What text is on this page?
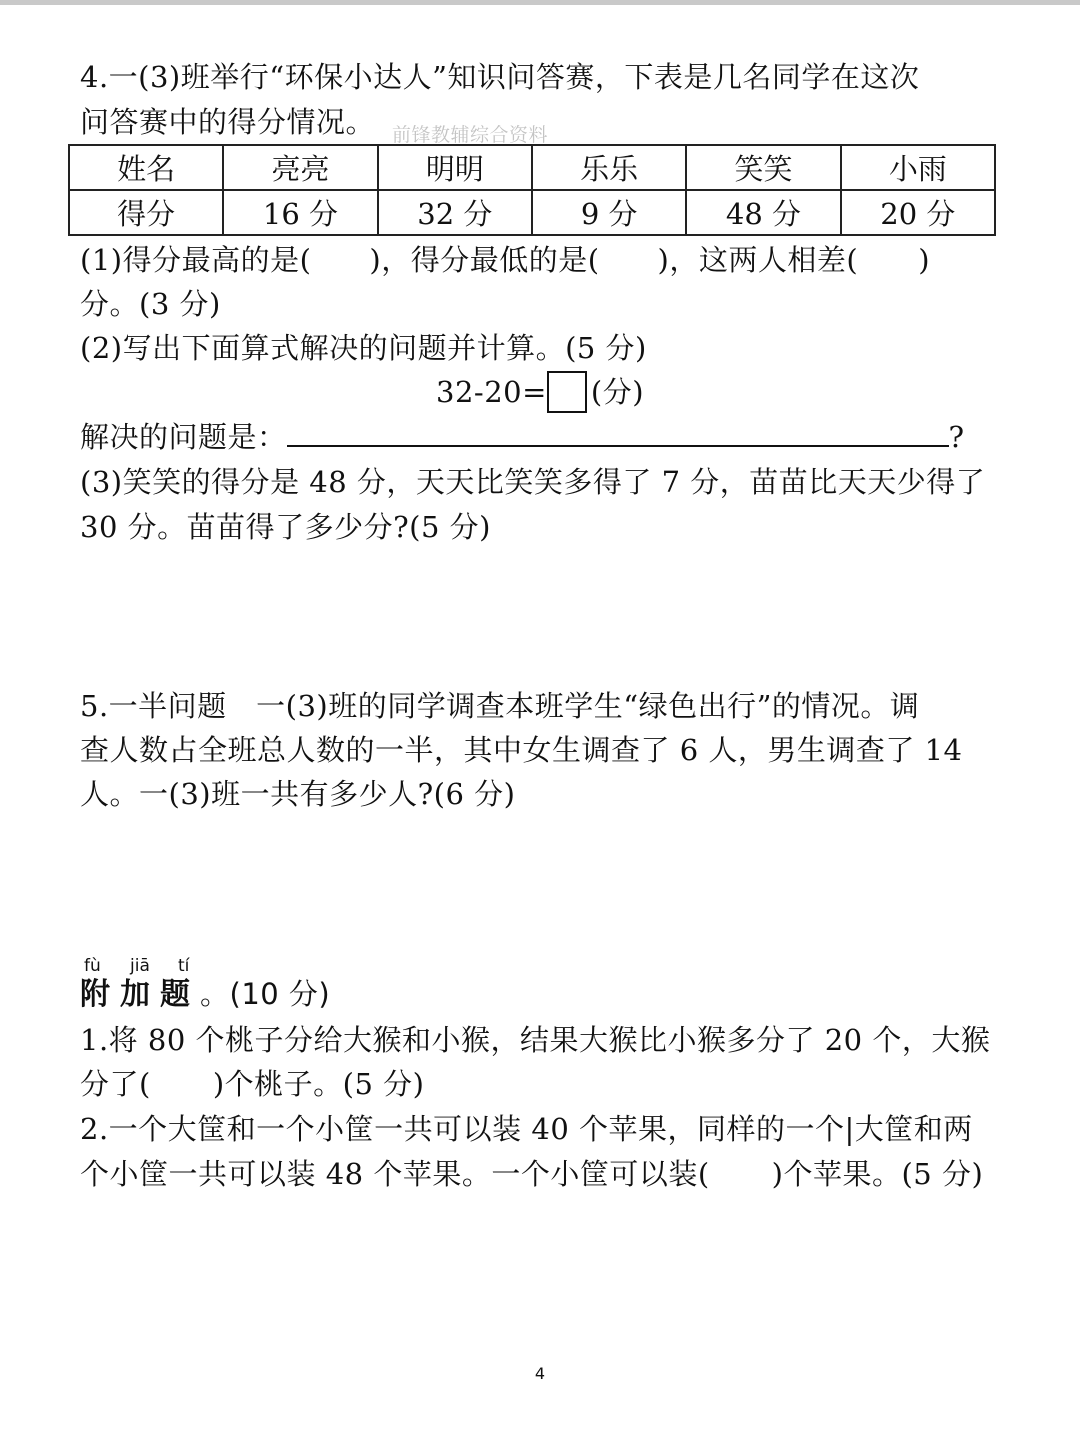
4.一(3)班举行“环保小达人”知识问答赛，下表是几名同学在这次
问答赛中的得分情况。 前锋教辅综合资料
姓名	亮亮	明明	乐乐	笑笑	小雨
得分	16 分	32 分	9 分	48 分	20 分
(1)得分最高的是( )，得分最低的是( )，这两人相差( )
分。(3 分)
(2)写出下面算式解决的问题并计算。(5 分)
32-20= (分)
解决的问题是：	?
(3)笑笑的得分是 48 分，天天比笑笑多得了 7 分，苗苗比天天少得了
30 分。苗苗得了多少分?(5 分)
5.一半问题　一(3)班的同学调查本班学生“绿色出行”的情况。调
查人数占全班总人数的一半，其中女生调查了 6 人，男生调查了 14
人。一(3)班一共有多少人?(6 分)
fù jiā tí
附加题。(10 分)
1.将 80 个桃子分给大猴和小猴，结果大猴比小猴多分了 20 个，大猴
分了( )个桃子。(5 分)
2.一个大筐和一个小筐一共可以装 40 个苹果，同样的一个|大筐和两
个小筐一共可以装 48 个苹果。一个小筐可以装( )个苹果。(5 分)
4
